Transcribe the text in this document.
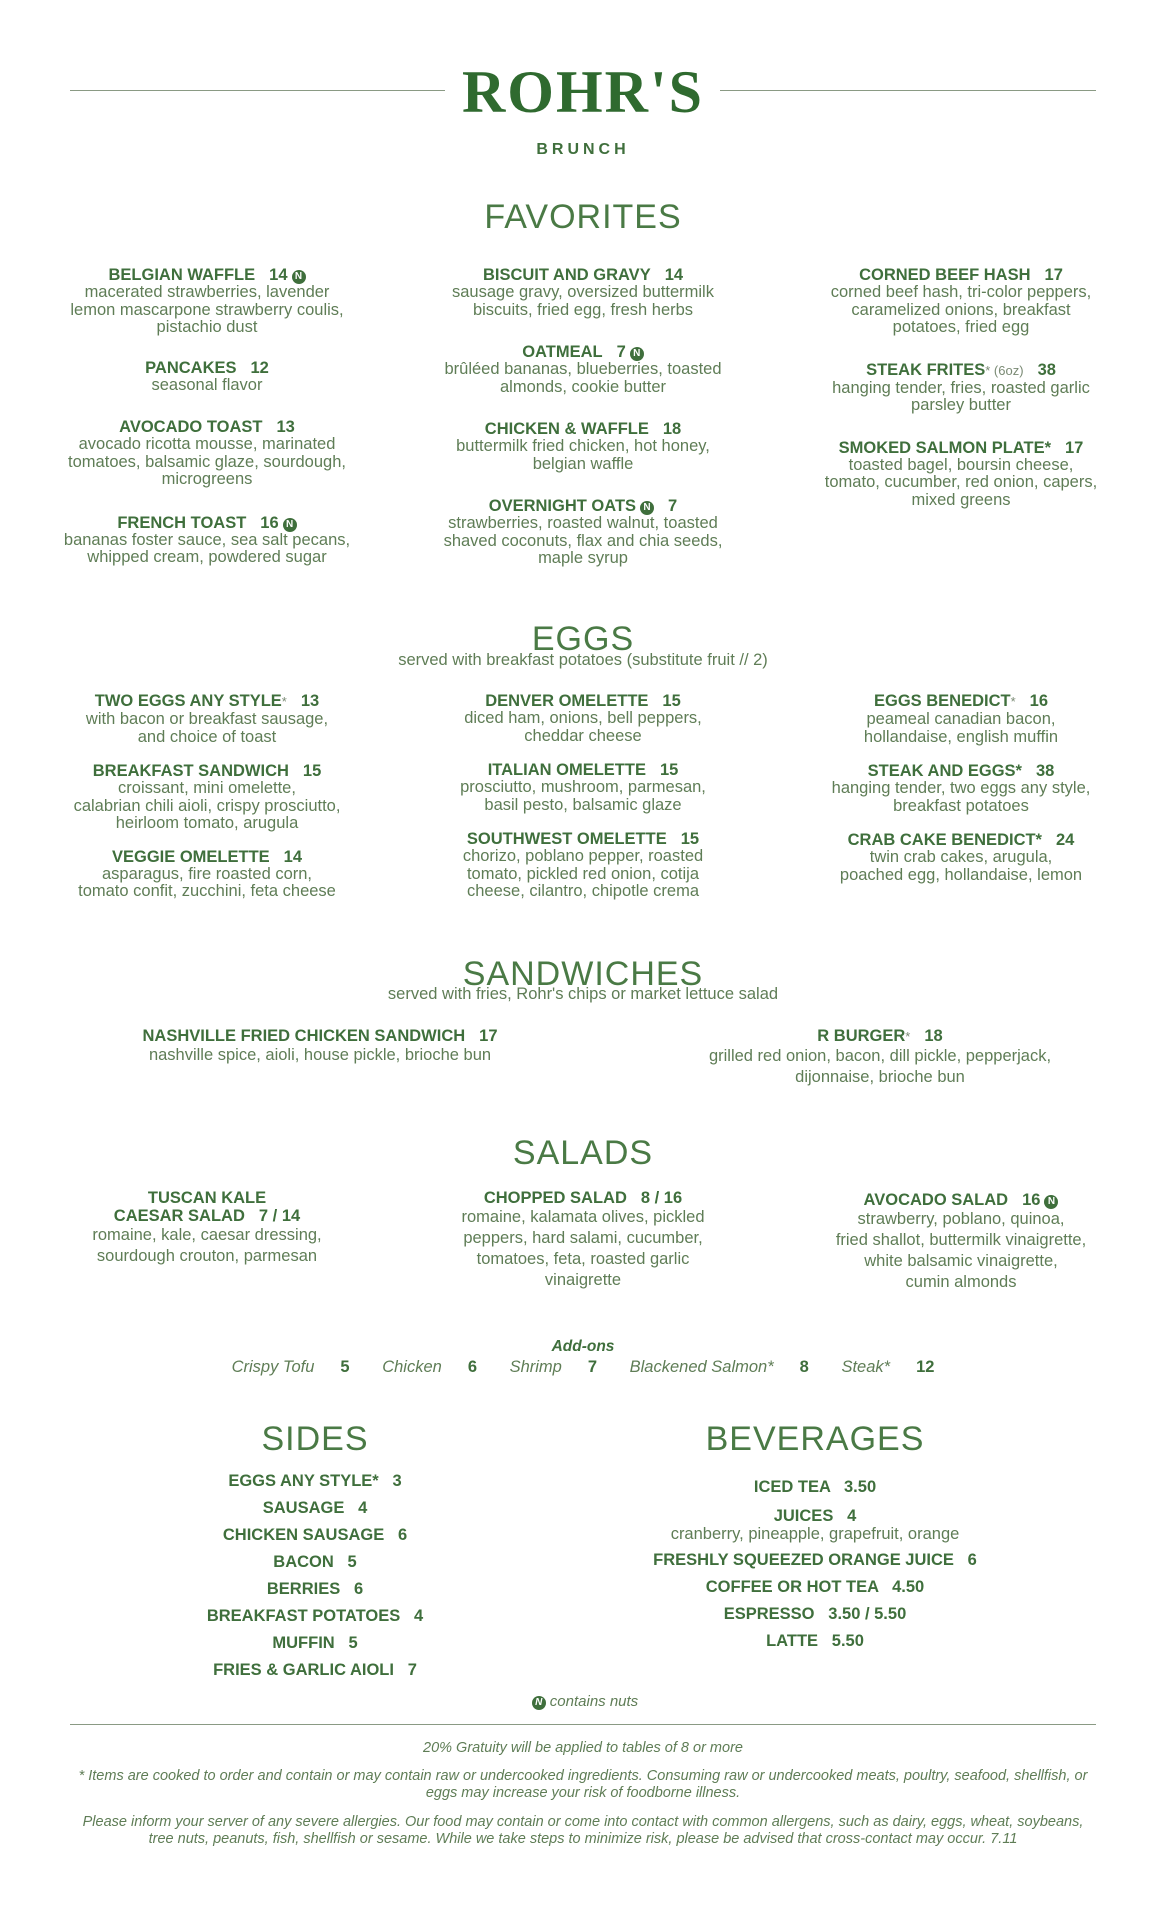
ROHR'S
BRUNCH
FAVORITES
BELGIAN WAFFLE 14 N
macerated strawberries, lavender
lemon mascarpone strawberry coulis,
pistachio dust
PANCAKES 12
seasonal flavor
AVOCADO TOAST 13
avocado ricotta mousse, marinated
tomatoes, balsamic glaze, sourdough,
microgreens
FRENCH TOAST 16 N
bananas foster sauce, sea salt pecans,
whipped cream, powdered sugar
BISCUIT AND GRAVY 14
sausage gravy, oversized buttermilk
biscuits, fried egg, fresh herbs
OATMEAL 7 N
brûléed bananas, blueberries, toasted
almonds, cookie butter
CHICKEN & WAFFLE 18
buttermilk fried chicken, hot honey,
belgian waffle
OVERNIGHT OATS N 7
strawberries, roasted walnut, toasted
shaved coconuts, flax and chia seeds,
maple syrup
CORNED BEEF HASH 17
corned beef hash, tri-color peppers,
caramelized onions, breakfast
potatoes, fried egg
STEAK FRITES* (6oz) 38
hanging tender, fries, roasted garlic
parsley butter
SMOKED SALMON PLATE* 17
toasted bagel, boursin cheese,
tomato, cucumber, red onion, capers,
mixed greens
EGGS
served with breakfast potatoes (substitute fruit // 2)
TWO EGGS ANY STYLE* 13
with bacon or breakfast sausage,
and choice of toast
BREAKFAST SANDWICH 15
croissant, mini omelette,
calabrian chili aioli, crispy prosciutto,
heirloom tomato, arugula
VEGGIE OMELETTE 14
asparagus, fire roasted corn,
tomato confit, zucchini, feta cheese
DENVER OMELETTE 15
diced ham, onions, bell peppers,
cheddar cheese
ITALIAN OMELETTE 15
prosciutto, mushroom, parmesan,
basil pesto, balsamic glaze
SOUTHWEST OMELETTE 15
chorizo, poblano pepper, roasted
tomato, pickled red onion, cotija
cheese, cilantro, chipotle crema
EGGS BENEDICT* 16
peameal canadian bacon,
hollandaise, english muffin
STEAK AND EGGS* 38
hanging tender, two eggs any style,
breakfast potatoes
CRAB CAKE BENEDICT* 24
twin crab cakes, arugula,
poached egg, hollandaise, lemon
SANDWICHES
served with fries, Rohr's chips or market lettuce salad
NASHVILLE FRIED CHICKEN SANDWICH 17
nashville spice, aioli, house pickle, brioche bun
R BURGER* 18
grilled red onion, bacon, dill pickle, pepperjack,
dijonnaise, brioche bun
SALADS
TUSCAN KALE
CAESAR SALAD 7 / 14
romaine, kale, caesar dressing,
sourdough crouton, parmesan
CHOPPED SALAD 8 / 16
romaine, kalamata olives, pickled
peppers, hard salami, cucumber,
tomatoes, feta, roasted garlic
vinaigrette
AVOCADO SALAD 16 N
strawberry, poblano, quinoa,
fried shallot, buttermilk vinaigrette,
white balsamic vinaigrette,
cumin almonds
Add-ons
Crispy Tofu 5 Chicken 6 Shrimp 7 Blackened Salmon* 8 Steak* 12
SIDES
EGGS ANY STYLE*   3
SAUSAGE   4
CHICKEN SAUSAGE   6
BACON   5
BERRIES   6
BREAKFAST POTATOES   4
MUFFIN   5
FRIES & GARLIC AIOLI   7
BEVERAGES
ICED TEA   3.50
JUICES   4
cranberry, pineapple, grapefruit, orange
FRESHLY SQUEEZED ORANGE JUICE   6
COFFEE OR HOT TEA   4.50
ESPRESSO   3.50 / 5.50
LATTE   5.50
N contains nuts
20% Gratuity will be applied to tables of 8 or more
* Items are cooked to order and contain or may contain raw or undercooked ingredients. Consuming raw or undercooked meats, poultry, seafood, shellfish, or eggs may increase your risk of foodborne illness.
Please inform your server of any severe allergies. Our food may contain or come into contact with common allergens, such as dairy, eggs, wheat, soybeans, tree nuts, peanuts, fish, shellfish or sesame. While we take steps to minimize risk, please be advised that cross-contact may occur. 7.11
